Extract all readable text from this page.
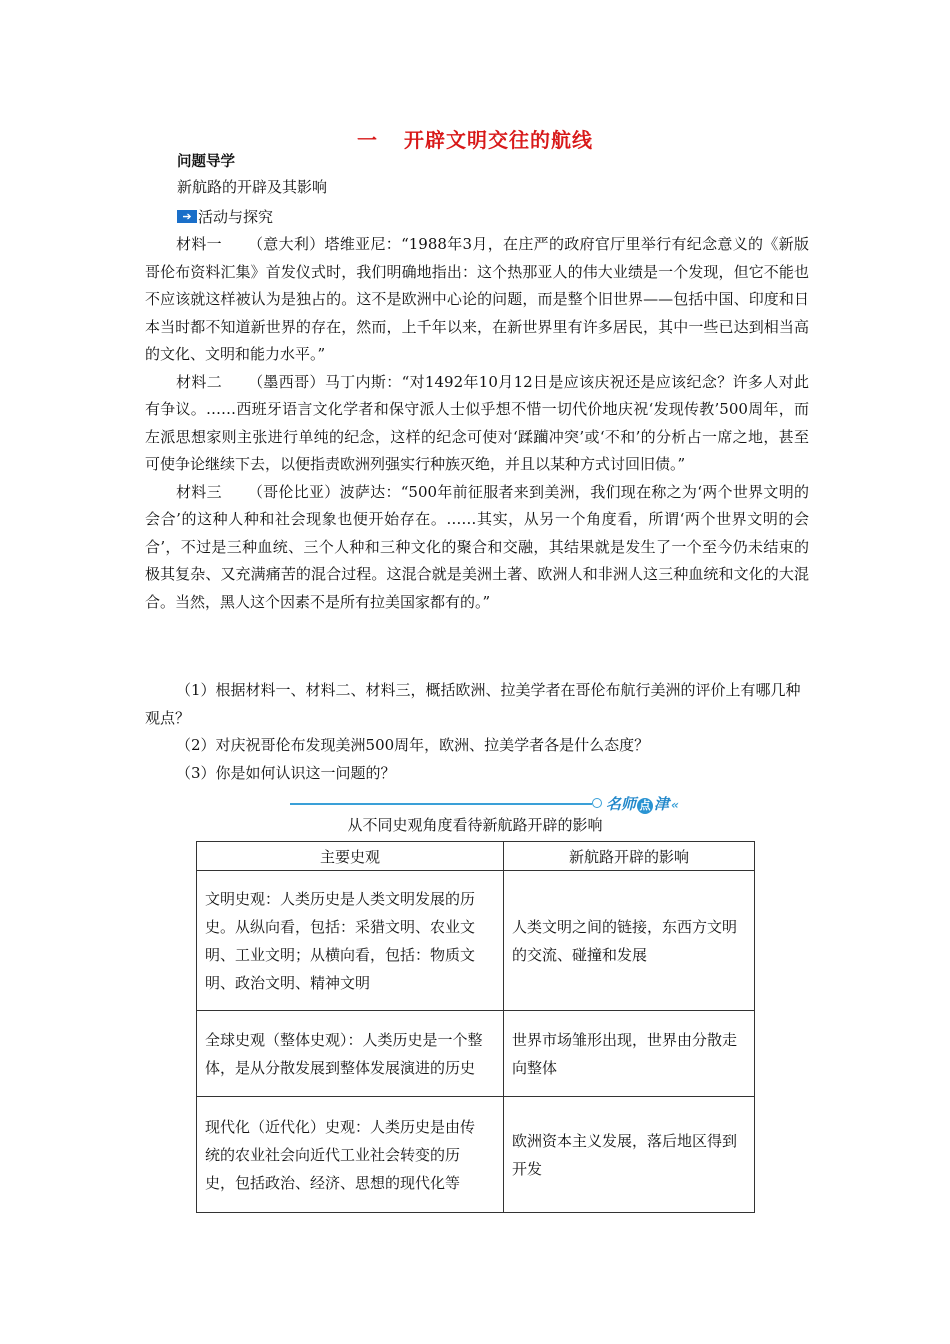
一 开辟文明交往的航线
问题导学
新航路的开辟及其影响
➔ 活动与探究

材料一 （意大利）塔维亚尼：“1988年3月，在庄严的政府官厅里举行有纪念意义的《新版哥伦布资料汇集》首发仪式时，我们明确地指出：这个热那亚人的伟大业绩是一个发现，但它不能也不应该就这样被认为是独占的。这不是欧洲中心论的问题，而是整个旧世界——包括中国、印度和日本当时都不知道新世界的存在，然而，上千年以来，在新世界里有许多居民，其中一些已达到相当高的文化、文明和能力水平。”

材料二 （墨西哥）马丁内斯：“对1492年10月12日是应该庆祝还是应该纪念？许多人对此有争议。……西班牙语言文化学者和保守派人士似乎想不惜一切代价地庆祝‘发现传教’500周年，而左派思想家则主张进行单纯的纪念，这样的纪念可使对‘蹂躏冲突’或‘不和’的分析占一席之地，甚至可使争论继续下去，以便指责欧洲列强实行种族灭绝，并且以某种方式讨回旧债。”

材料三 （哥伦比亚）波萨达：“500年前征服者来到美洲，我们现在称之为‘两个世界文明的会合’的这种人种和社会现象也便开始存在。……其实，从另一个角度看，所谓‘两个世界文明的会合’，不过是三种血统、三个人种和三种文化的聚合和交融，其结果就是发生了一个至今仍未结束的极其复杂、又充满痛苦的混合过程。这混合就是美洲土著、欧洲人和非洲人这三种血统和文化的大混合。当然，黑人这个因素不是所有拉美国家都有的。”

（1）根据材料一、材料二、材料三，概括欧洲、拉美学者在哥伦布航行美洲的评价上有哪几种观点？

（2）对庆祝哥伦布发现美洲500周年，欧洲、拉美学者各是什么态度？

（3）你是如何认识这一问题的？

名师 点 津 ‹‹
从不同史观角度看待新航路开辟的影响
主要史观	新航路开辟的影响
文明史观：人类历史是人类文明发展的历史。从纵向看，包括：采猎文明、农业文明、工业文明；从横向看，包括：物质文明、政治文明、精神文明	人类文明之间的链接，东西方文明的交流、碰撞和发展
全球史观（整体史观）：人类历史是一个整体，是从分散发展到整体发展演进的历史	世界市场雏形出现，世界由分散走向整体
现代化（近代化）史观：人类历史是由传统的农业社会向近代工业社会转变的历史，包括政治、经济、思想的现代化等	欧洲资本主义发展，落后地区得到开发
